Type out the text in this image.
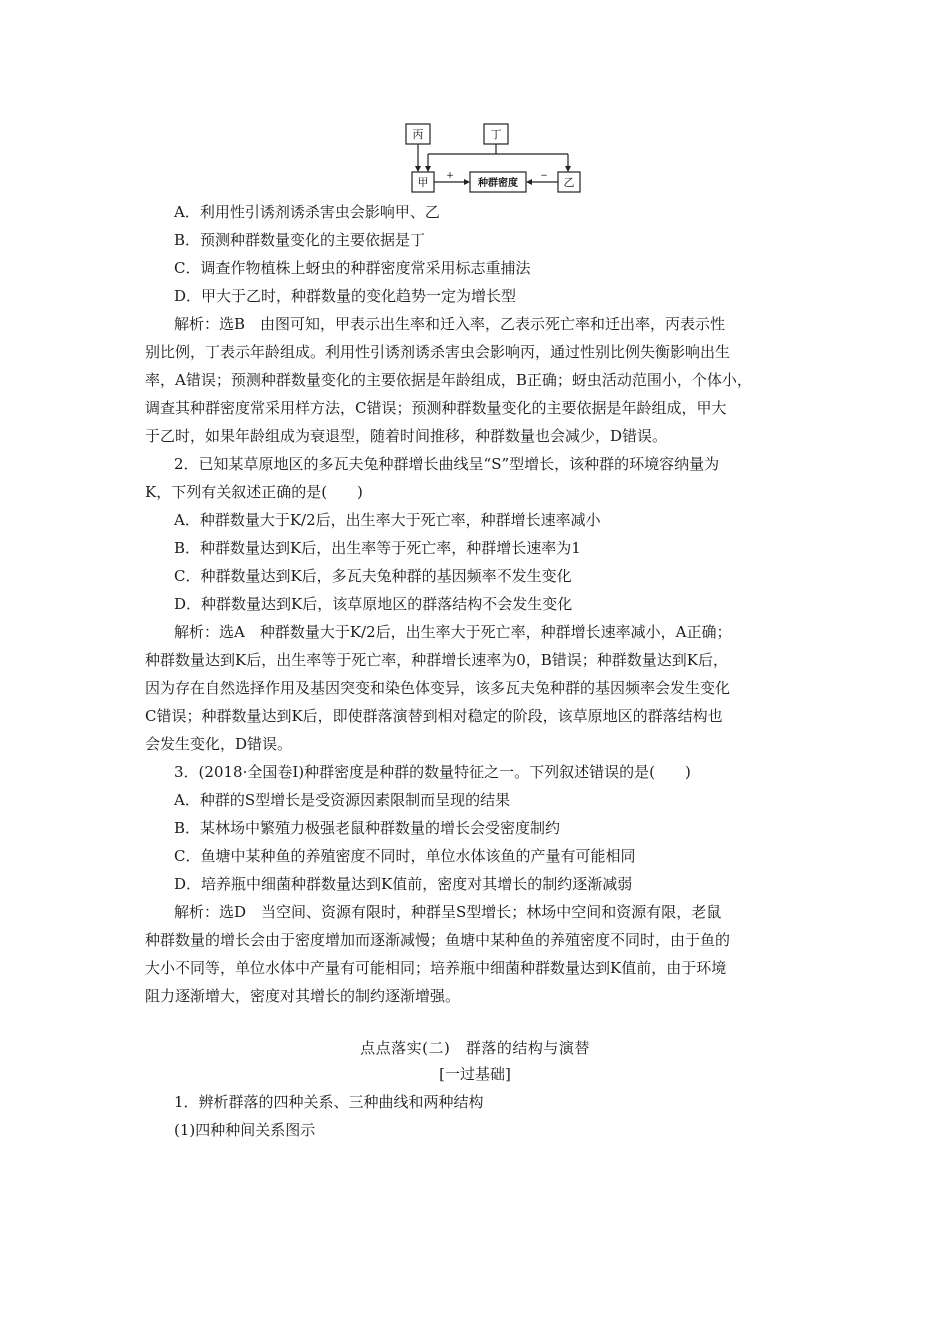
丙	丁
甲	种群密度	乙
+	−
A．利用性引诱剂诱杀害虫会影响甲、乙
B．预测种群数量变化的主要依据是丁
C．调查作物植株上蚜虫的种群密度常采用标志重捕法
D．甲大于乙时，种群数量的变化趋势一定为增长型
解析：选B　由图可知，甲表示出生率和迁入率，乙表示死亡率和迁出率，丙表示性
别比例，丁表示年龄组成。利用性引诱剂诱杀害虫会影响丙，通过性别比例失衡影响出生
率，A错误；预测种群数量变化的主要依据是年龄组成，B正确；蚜虫活动范围小，个体小，
调查其种群密度常采用样方法，C错误；预测种群数量变化的主要依据是年龄组成，甲大
于乙时，如果年龄组成为衰退型，随着时间推移，种群数量也会减少，D错误。
2．已知某草原地区的多瓦夫兔种群增长曲线呈“S”型增长，该种群的环境容纳量为
K，下列有关叙述正确的是(　　)
A．种群数量大于K/2后，出生率大于死亡率，种群增长速率减小
B．种群数量达到K后，出生率等于死亡率，种群增长速率为1
C．种群数量达到K后，多瓦夫兔种群的基因频率不发生变化
D．种群数量达到K后，该草原地区的群落结构不会发生变化
解析：选A　种群数量大于K/2后，出生率大于死亡率，种群增长速率减小，A正确；
种群数量达到K后，出生率等于死亡率，种群增长速率为0，B错误；种群数量达到K后，
因为存在自然选择作用及基因突变和染色体变异，该多瓦夫兔种群的基因频率会发生变化
C错误；种群数量达到K后，即使群落演替到相对稳定的阶段，该草原地区的群落结构也
会发生变化，D错误。
3．(2018·全国卷Ⅰ)种群密度是种群的数量特征之一。下列叙述错误的是(　　)
A．种群的S型增长是受资源因素限制而呈现的结果
B．某林场中繁殖力极强老鼠种群数量的增长会受密度制约
C．鱼塘中某种鱼的养殖密度不同时，单位水体该鱼的产量有可能相同
D．培养瓶中细菌种群数量达到K值前，密度对其增长的制约逐渐减弱
解析：选D　当空间、资源有限时，种群呈S型增长；林场中空间和资源有限，老鼠
种群数量的增长会由于密度增加而逐渐减慢；鱼塘中某种鱼的养殖密度不同时，由于鱼的
大小不同等，单位水体中产量有可能相同；培养瓶中细菌种群数量达到K值前，由于环境
阻力逐渐增大，密度对其增长的制约逐渐增强。
点点落实(二)　群落的结构与演替
[一过基础]
1．辨析群落的四种关系、三种曲线和两种结构
(1)四种种间关系图示
